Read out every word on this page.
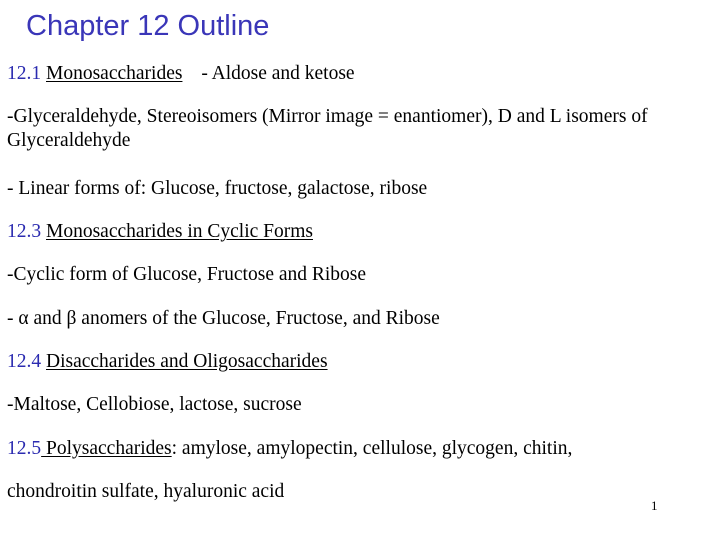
Chapter 12 Outline
12.1 Monosaccharides - Aldose and ketose
-Glyceraldehyde, Stereoisomers (Mirror image = enantiomer), D and L isomers of Glyceraldehyde
- Linear forms of: Glucose, fructose, galactose, ribose
12.3 Monosaccharides in Cyclic Forms
-Cyclic form of Glucose, Fructose and Ribose
- α and β anomers of the Glucose, Fructose, and Ribose
12.4 Disaccharides and Oligosaccharides
-Maltose, Cellobiose, lactose, sucrose
12.5 Polysaccharides: amylose, amylopectin, cellulose, glycogen, chitin,
chondroitin sulfate, hyaluronic acid
1
